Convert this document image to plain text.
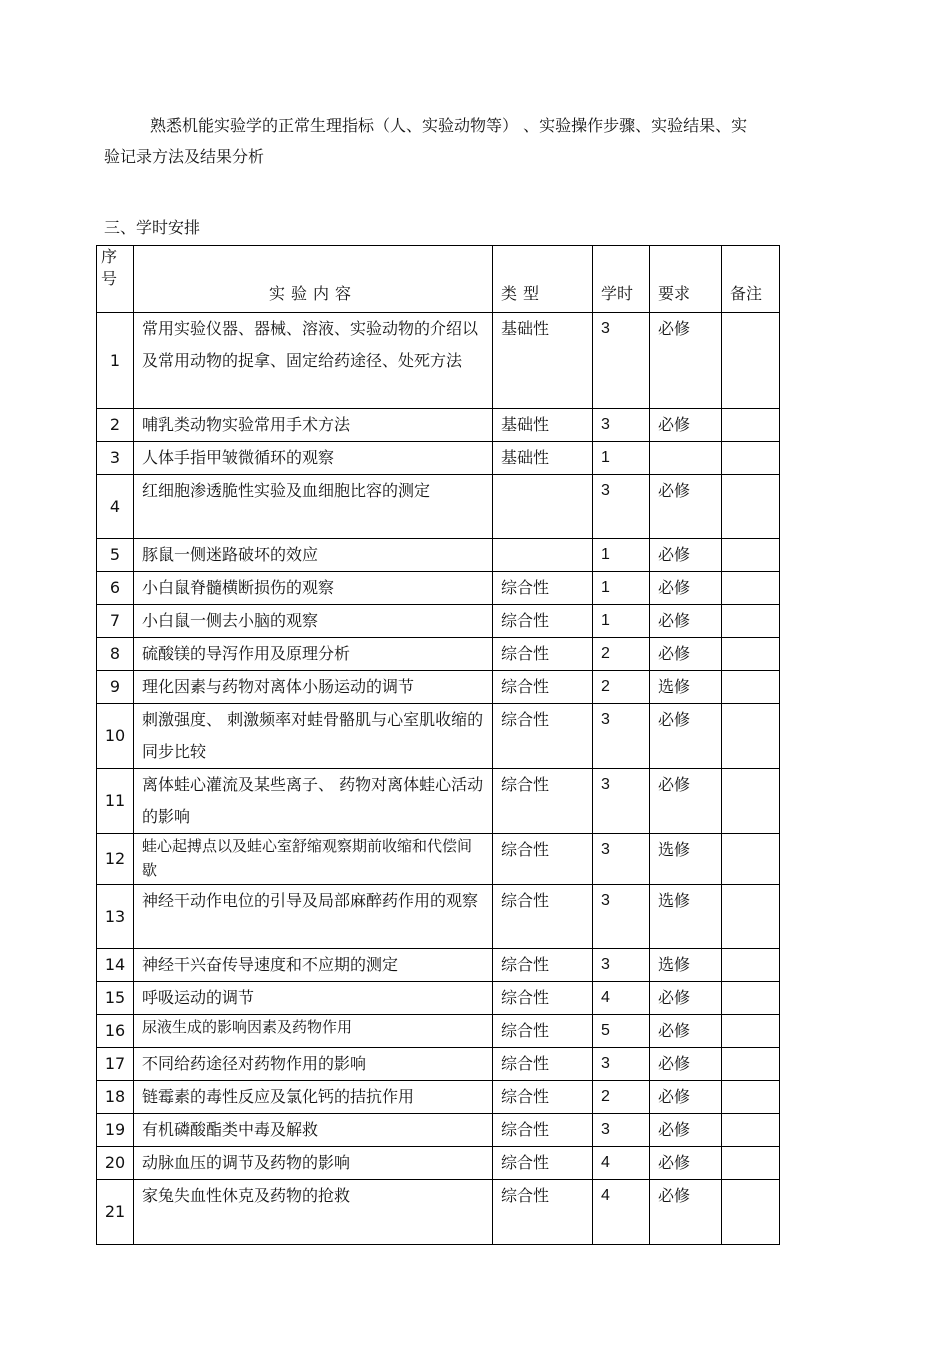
熟悉机能实验学的正常生理指标（人、实验动物等） 、实验操作步骤、实验结果、实

验记录方法及结果分析

三、学时安排
序号	实验内容	类型	学时	要求	备注
1	常用实验仪器、器械、溶液、实验动物的介绍以及常用动物的捉拿、固定给药途径、处死方法	基础性	3	必修	
2	哺乳类动物实验常用手术方法	基础性	3	必修	
3	人体手指甲皱微循环的观察	基础性	1		
4	红细胞渗透脆性实验及血细胞比容的测定		3	必修	
5	豚鼠一侧迷路破坏的效应		1	必修	
6	小白鼠脊髓横断损伤的观察	综合性	1	必修	
7	小白鼠一侧去小脑的观察	综合性	1	必修	
8	硫酸镁的导泻作用及原理分析	综合性	2	必修	
9	理化因素与药物对离体小肠运动的调节	综合性	2	选修	
10	刺激强度、 刺激频率对蛙骨骼肌与心室肌收缩的同步比较	综合性	3	必修	
11	离体蛙心灌流及某些离子、 药物对离体蛙心活动的影响	综合性	3	必修	
12	蛙心起搏点以及蛙心室舒缩观察期前收缩和代偿间歇	综合性	3	选修	
13	神经干动作电位的引导及局部麻醉药作用的观察	综合性	3	选修	
14	神经干兴奋传导速度和不应期的测定	综合性	3	选修	
15	呼吸运动的调节	综合性	4	必修	
16	尿液生成的影响因素及药物作用	综合性	5	必修	
17	不同给药途径对药物作用的影响	综合性	3	必修	
18	链霉素的毒性反应及氯化钙的拮抗作用	综合性	2	必修	
19	有机磷酸酯类中毒及解救	综合性	3	必修	
20	动脉血压的调节及药物的影响	综合性	4	必修	
21	家兔失血性休克及药物的抢救	综合性	4	必修	
